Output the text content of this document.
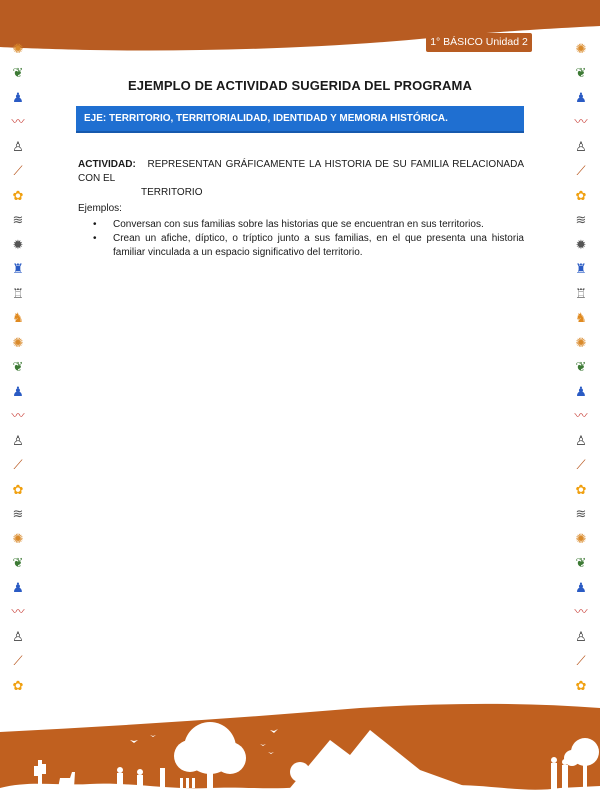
1° BÁSICO Unidad 2
✺
❦
♟
〰
♙
⟋
✿
≋
✹
♜
♖
♞
✺
❦
♟
〰
♙
⟋
✿
≋
✺
❦
♟
〰
♙
⟋
✿
✺
❦
♟
〰
♙
⟋
✿
≋
✹
♜
♖
♞
✺
❦
♟
〰
♙
⟋
✿
≋
✺
❦
♟
〰
♙
⟋
✿
EJEMPLO DE ACTIVIDAD SUGERIDA DEL PROGRAMA
EJE: TERRITORIO, TERRITORIALIDAD, IDENTIDAD Y MEMORIA HISTÓRICA.
ACTIVIDAD: REPRESENTAN GRÁFICAMENTE LA HISTORIA DE SU FAMILIA RELACIONADA CON EL
TERRITORIO
Ejemplos:
• Conversan con sus familias sobre las historias que se encuentran en sus territorios.
• Crean un afiche, díptico, o tríptico junto a sus familias, en el que presenta una historia familiar vinculada a un espacio significativo del territorio.
